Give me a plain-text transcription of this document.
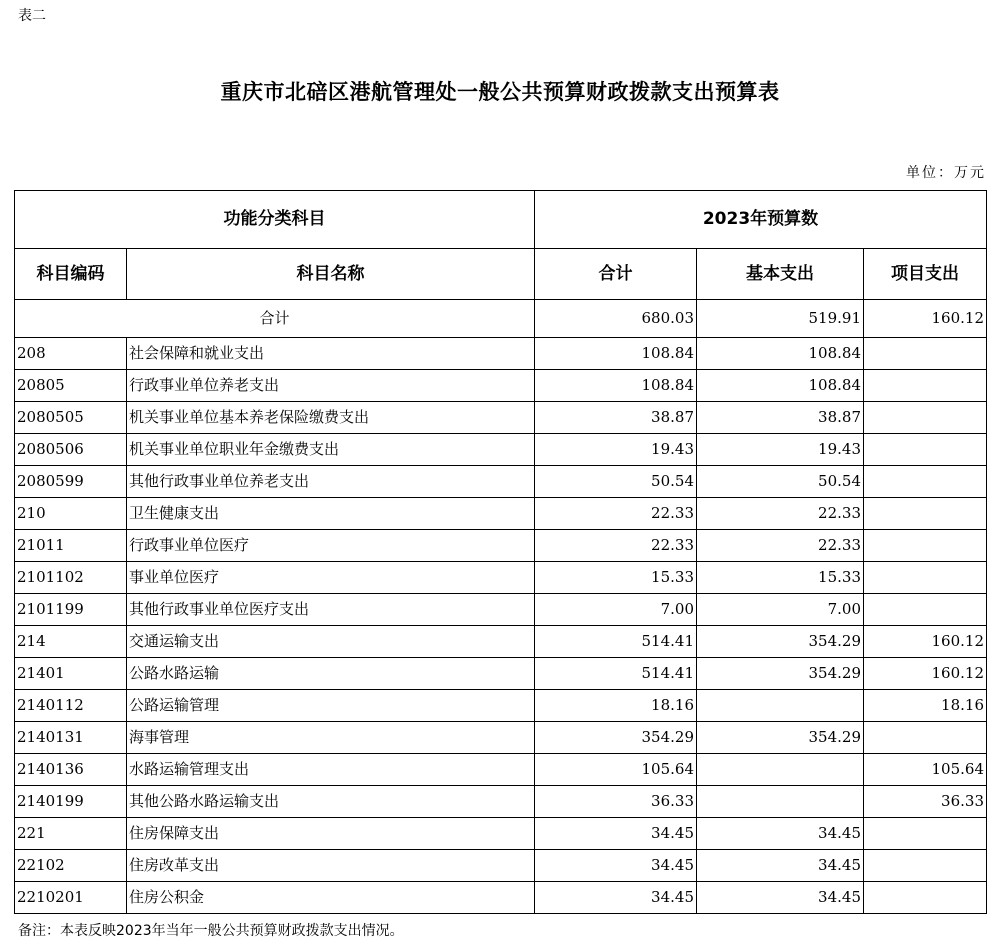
表二
重庆市北碚区港航管理处一般公共预算财政拨款支出预算表
单位：万元
功能分类科目		2023年预算数		
科目编码	科目名称	合计	基本支出	项目支出
合计		680.03	519.91	160.12
208	社会保障和就业支出	108.84	108.84	
20805	行政事业单位养老支出	108.84	108.84	
2080505	机关事业单位基本养老保险缴费支出	38.87	38.87	
2080506	机关事业单位职业年金缴费支出	19.43	19.43	
2080599	其他行政事业单位养老支出	50.54	50.54	
210	卫生健康支出	22.33	22.33	
21011	行政事业单位医疗	22.33	22.33	
2101102	事业单位医疗	15.33	15.33	
2101199	其他行政事业单位医疗支出	7.00	7.00	
214	交通运输支出	514.41	354.29	160.12
21401	公路水路运输	514.41	354.29	160.12
2140112	公路运输管理	18.16		18.16
2140131	海事管理	354.29	354.29	
2140136	水路运输管理支出	105.64		105.64
2140199	其他公路水路运输支出	36.33		36.33
221	住房保障支出	34.45	34.45	
22102	住房改革支出	34.45	34.45	
2210201	住房公积金	34.45	34.45	
备注：本表反映2023年当年一般公共预算财政拨款支出情况。
